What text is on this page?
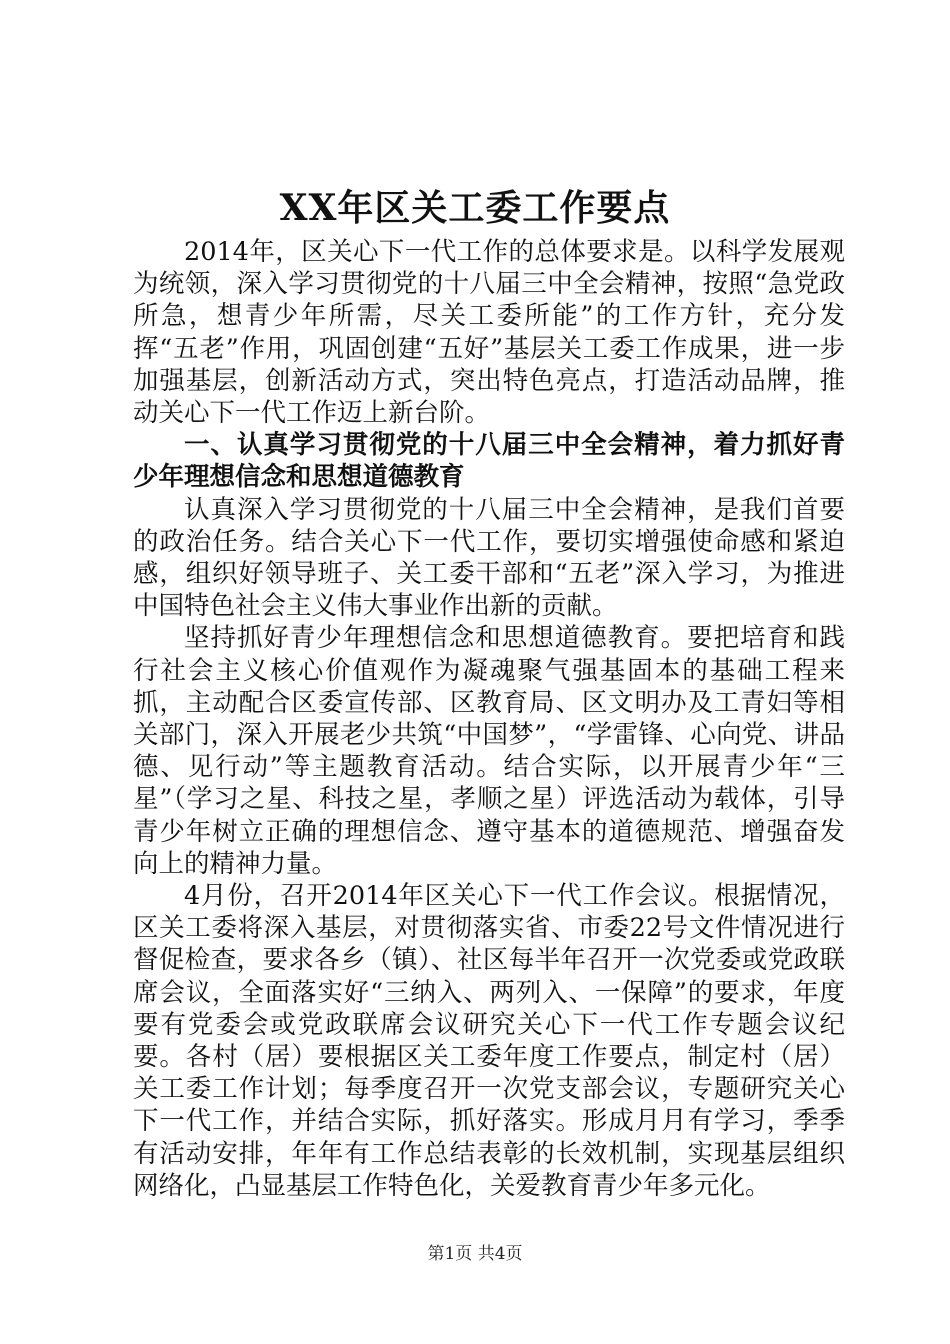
XX年区关工委工作要点

2014年，区关心下一代工作的总体要求是。以科学发展观为统领，深入学习贯彻党的十八届三中全会精神，按照“急党政所急，想青少年所需，尽关工委所能”的工作方针，充分发挥“五老”作用，巩固创建“五好”基层关工委工作成果，进一步加强基层，创新活动方式，突出特色亮点，打造活动品牌，推动关心下一代工作迈上新台阶。

一、认真学习贯彻党的十八届三中全会精神，着力抓好青少年理想信念和思想道德教育

认真深入学习贯彻党的十八届三中全会精神，是我们首要的政治任务。结合关心下一代工作，要切实增强使命感和紧迫感，组织好领导班子、关工委干部和“五老”深入学习，为推进中国特色社会主义伟大事业作出新的贡献。

坚持抓好青少年理想信念和思想道德教育。要把培育和践行社会主义核心价值观作为凝魂聚气强基固本的基础工程来抓，主动配合区委宣传部、区教育局、区文明办及工青妇等相关部门，深入开展老少共筑“中国梦”，“学雷锋、心向党、讲品德、见行动”等主题教育活动。结合实际，以开展青少年“三星”（学习之星、科技之星，孝顺之星）评选活动为载体，引导青少年树立正确的理想信念、遵守基本的道德规范、增强奋发向上的精神力量。

4月份，召开2014年区关心下一代工作会议。根据情况，区关工委将深入基层，对贯彻落实省、市委22号文件情况进行督促检查，要求各乡（镇）、社区每半年召开一次党委或党政联席会议，全面落实好“三纳入、两列入、一保障”的要求，年度要有党委会或党政联席会议研究关心下一代工作专题会议纪要。各村（居）要根据区关工委年度工作要点，制定村（居）关工委工作计划；每季度召开一次党支部会议，专题研究关心下一代工作，并结合实际，抓好落实。形成月月有学习，季季有活动安排，年年有工作总结表彰的长效机制，实现基层组织网络化，凸显基层工作特色化，关爱教育青少年多元化。

第1页 共4页
